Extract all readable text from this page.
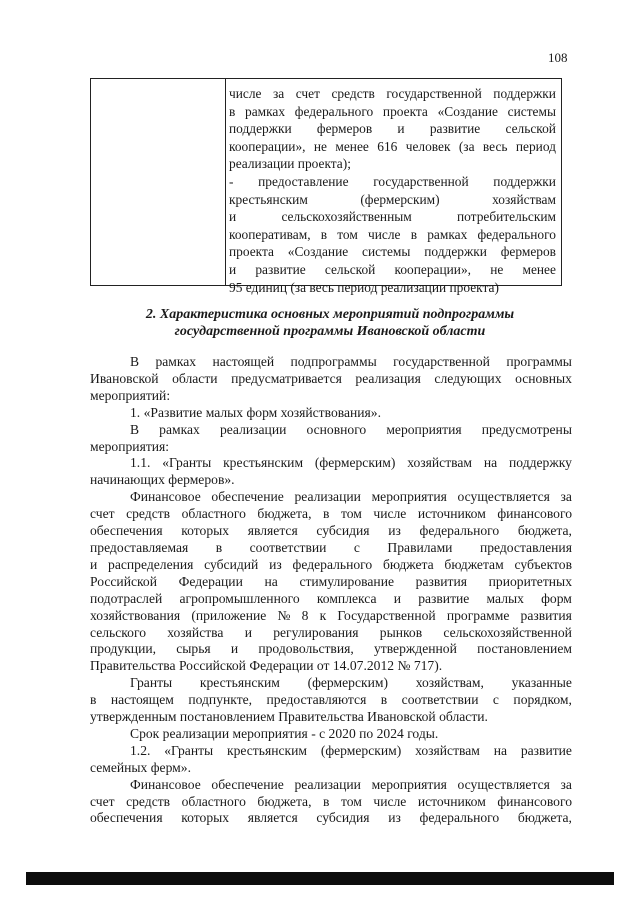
108
числе за счет средств государственной поддержки
в рамках федерального проекта «Создание системы
поддержки фермеров и развитие сельской
кооперации», не менее 616 человек (за весь период
реализации проекта);
- предоставление государственной поддержки
крестьянским	(фермерским)	хозяйствам
и	сельскохозяйственным	потребительским
кооперативам, в том числе в рамках федерального
проекта «Создание системы поддержки фермеров
и развитие сельской кооперации», не менее
95 единиц (за весь период реализации проекта)
2. Характеристика основных мероприятий подпрограммы
государственной программы Ивановской области
В рамках настоящей подпрограммы государственной программы
Ивановской области предусматривается реализация следующих основных
мероприятий:
1. «Развитие малых форм хозяйствования».
В рамках реализации основного мероприятия предусмотрены
мероприятия:
1.1. «Гранты крестьянским (фермерским) хозяйствам на поддержку
начинающих фермеров».
Финансовое обеспечение реализации мероприятия осуществляется за
счет средств областного бюджета, в том числе источником финансового
обеспечения которых является субсидия из федерального бюджета,
предоставляемая в соответствии с Правилами предоставления
и распределения субсидий из федерального бюджета бюджетам субъектов
Российской Федерации на стимулирование развития приоритетных
подотраслей агропромышленного комплекса и развитие малых форм
хозяйствования (приложение № 8 к Государственной программе развития
сельского хозяйства и регулирования рынков сельскохозяйственной
продукции, сырья и продовольствия, утвержденной постановлением
Правительства Российской Федерации от 14.07.2012 № 717).
Гранты крестьянским (фермерским) хозяйствам, указанные
в настоящем подпункте, предоставляются в соответствии с порядком,
утвержденным постановлением Правительства Ивановской области.
Срок реализации мероприятия - с 2020 по 2024 годы.
1.2. «Гранты крестьянским (фермерским) хозяйствам на развитие
семейных ферм».
Финансовое обеспечение реализации мероприятия осуществляется за
счет средств областного бюджета, в том числе источником финансового
обеспечения которых является субсидия из федерального бюджета,
